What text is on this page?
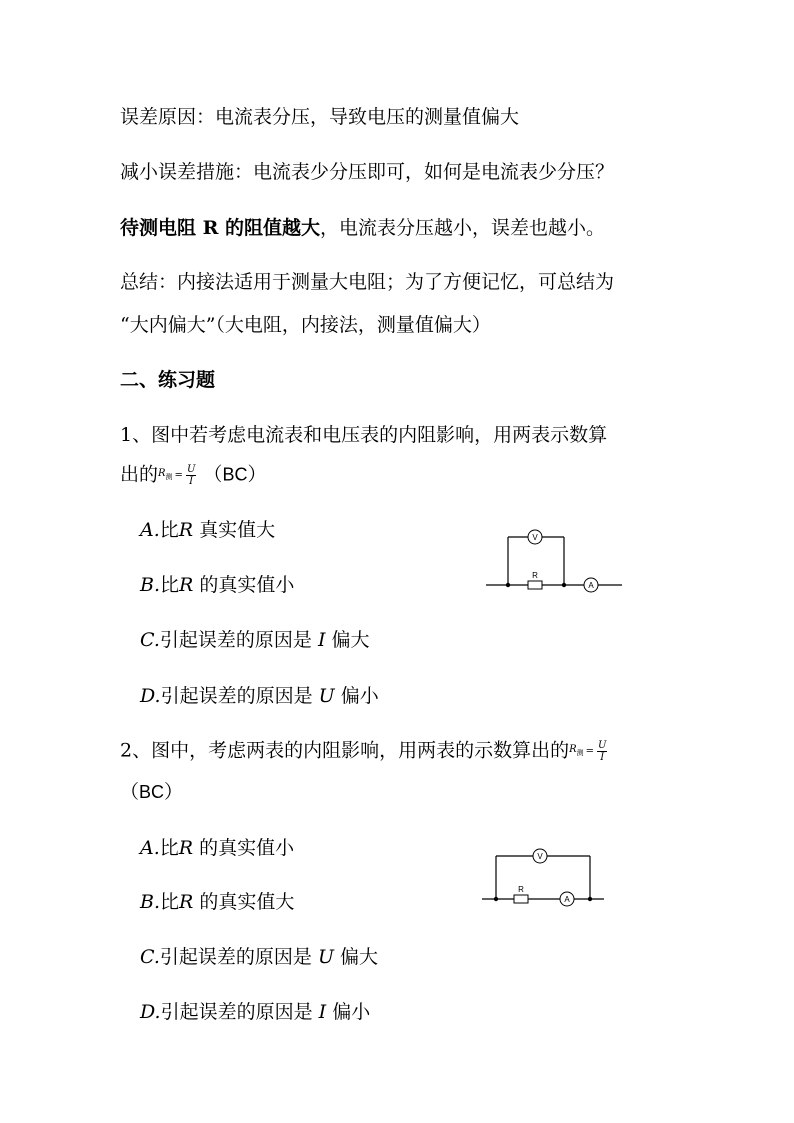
误差原因：电流表分压，导致电压的测量值偏大
减小误差措施：电流表少分压即可，如何是电流表少分压？
待测电阻 R 的阻值越大，电流表分压越小，误差也越小。
总结：内接法适用于测量大电阻；为了方便记忆，可总结为
“大内偏大”（大电阻，内接法，测量值偏大）
二、练习题
1、图中若考虑电流表和电压表的内阻影响，用两表示数算
出的$R_测 = \frac{U}{I} (BC)$
A.比R 真实值大
B.比R 的真实值小
C.引起误差的原因是 I 偏大
D.引起误差的原因是 U 偏小
R
V
A
2、图中，考虑两表的内阻影响，用两表的示数算出的$R_测 = \frac{U}{I}$
（BC）
A.比R 的真实值小
B.比R 的真实值大
C.引起误差的原因是 U 偏大
D.引起误差的原因是 I 偏小
R
V
A
